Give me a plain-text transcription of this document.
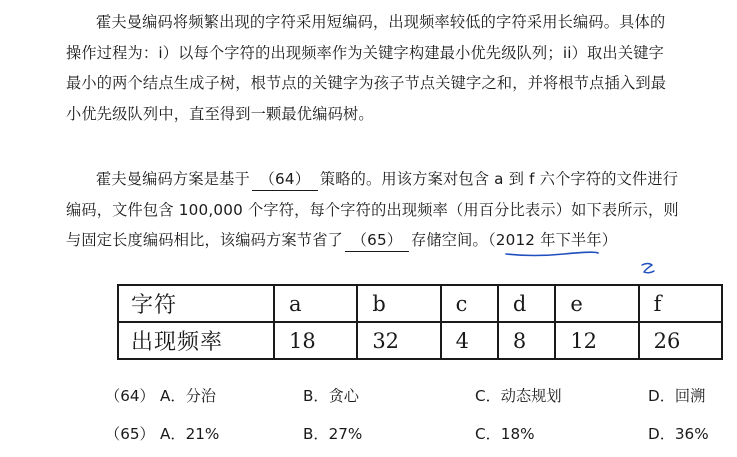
霍夫曼编码将频繁出现的字符采用短编码，出现频率较低的字符采用长编码。具体的
操作过程为：i）以每个字符的出现频率作为关键字构建最小优先级队列；ii）取出关键字
最小的两个结点生成子树，根节点的关键字为孩子节点关键字之和，并将根节点插入到最
小优先级队列中，直至得到一颗最优编码树。
霍夫曼编码方案是基于 （64） 策略的。用该方案对包含 a 到 f 六个字符的文件进行
编码，文件包含 100,000 个字符，每个字符的出现频率（用百分比表示）如下表所示，则
与固定长度编码相比，该编码方案节省了 （65） 存储空间。（2012 年下半年
）
字符	a	b	c	d	e	f
出现频率	18	32	4	8	12	26
（64） A．分治	B．贪心	C．动态规划	D．回溯
（65） A．21%	B．27%	C．18%	D．36%
